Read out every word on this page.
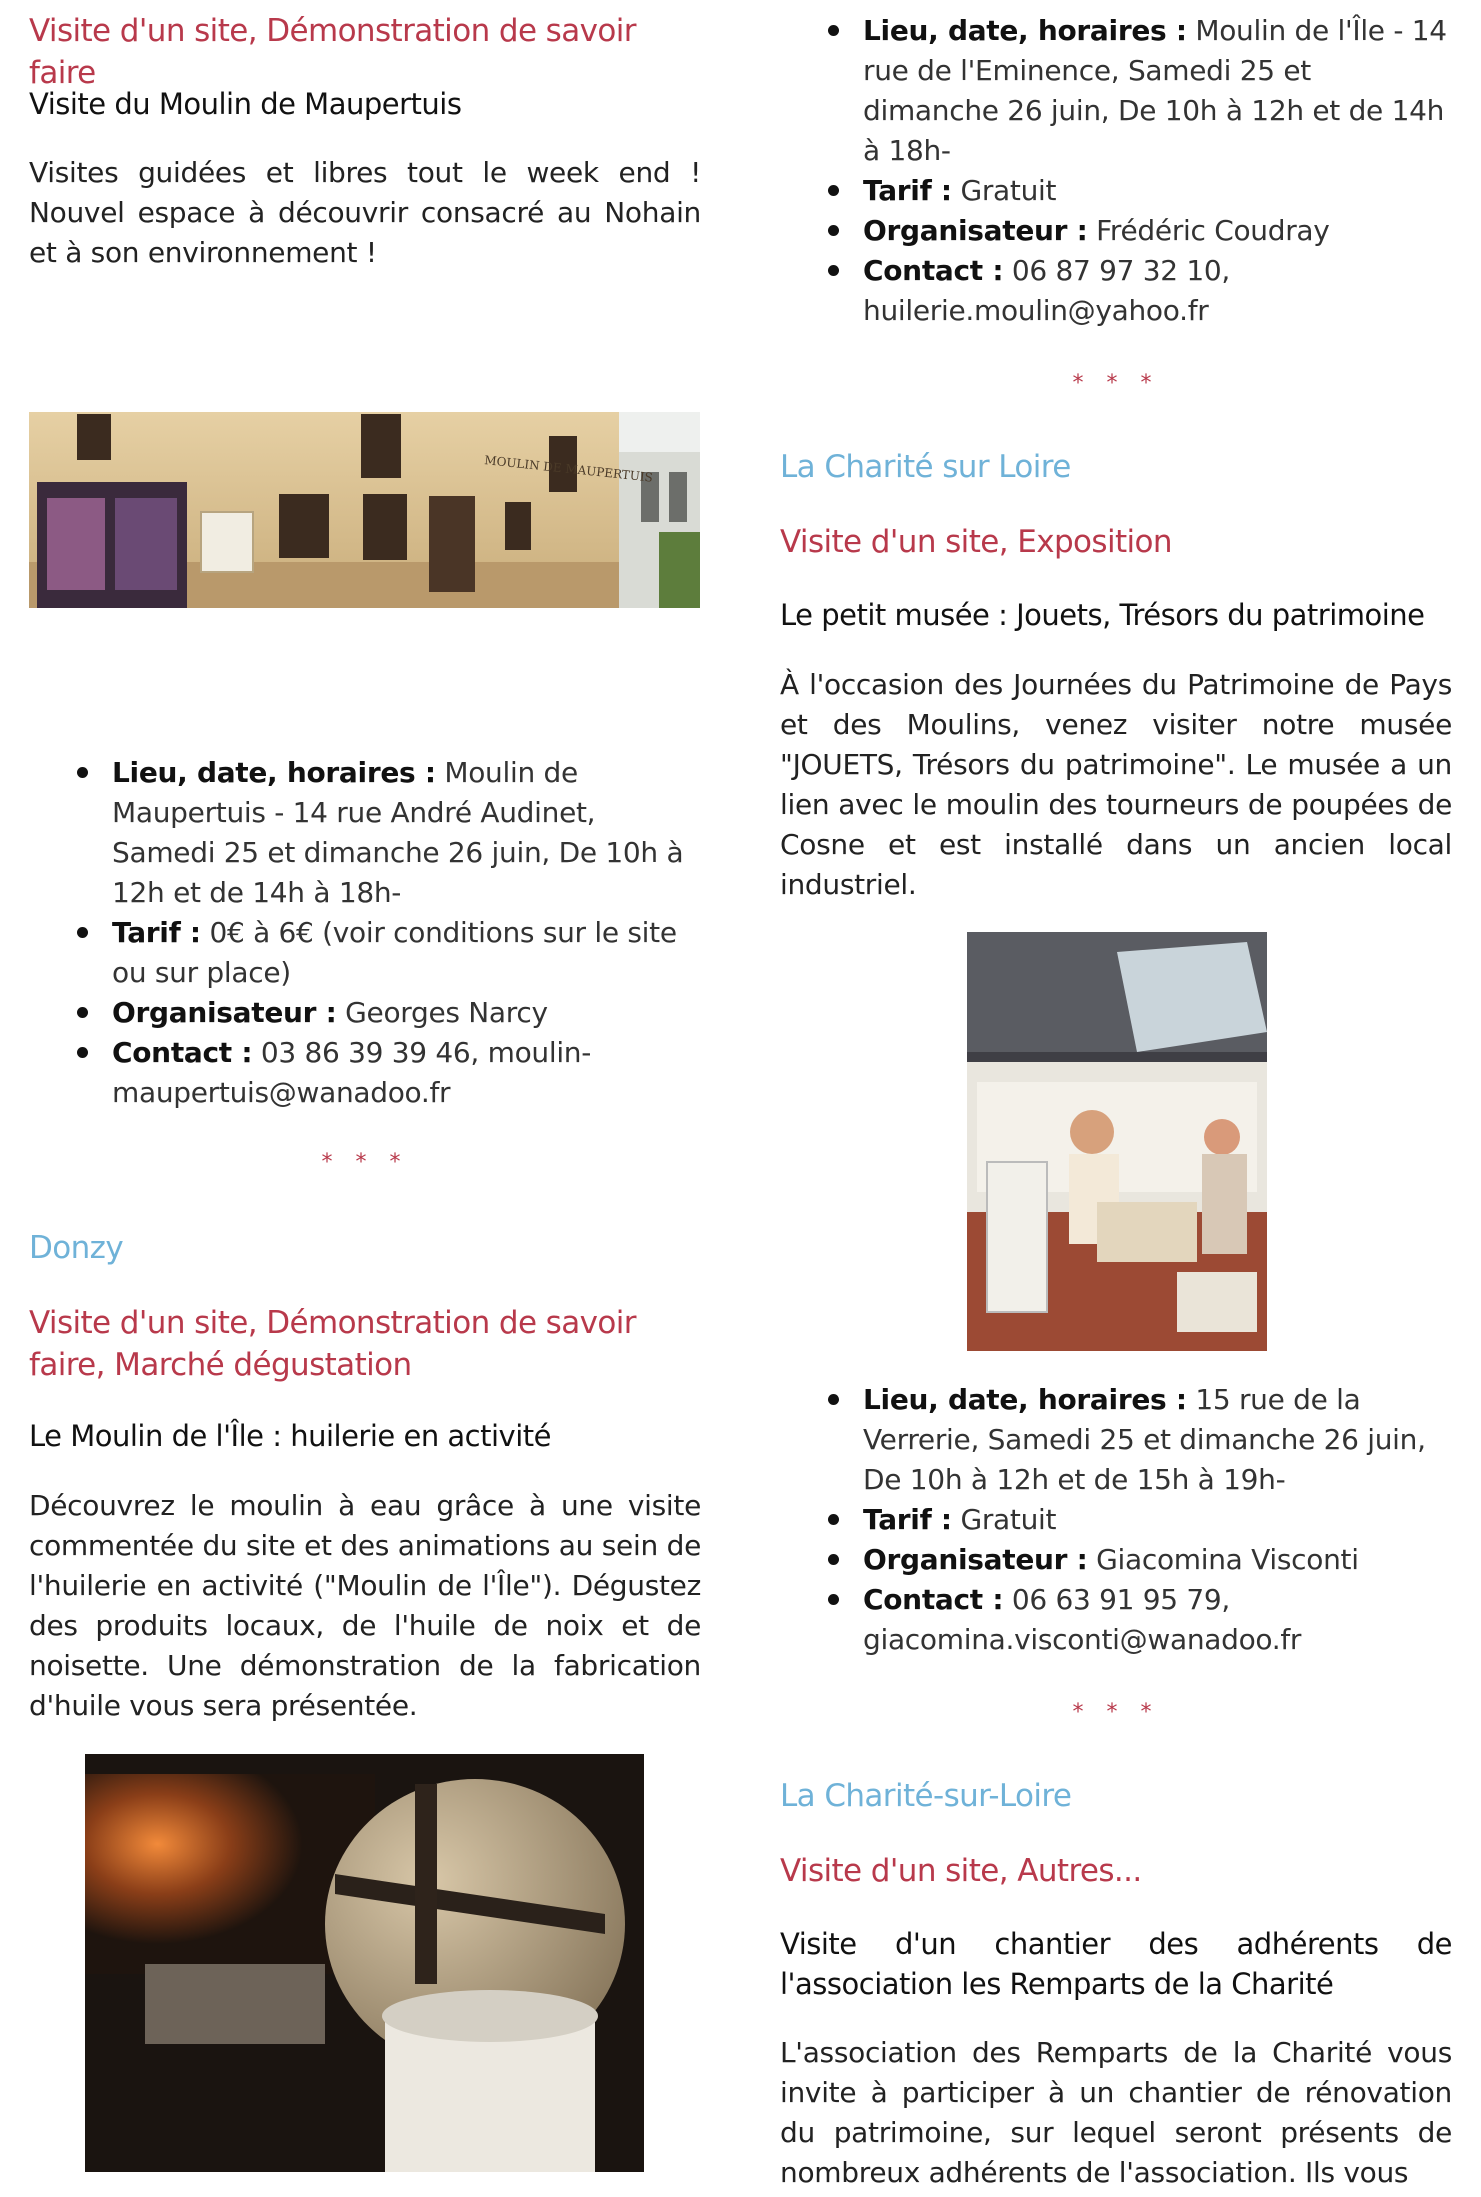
Visite d'un site, Démonstration de savoir faire
Visite du Moulin de Maupertuis
Visites guidées et libres tout le week end ! Nouvel espace à découvrir consacré au Nohain et à son environnement !
MOULIN DE MAUPERTUIS
Lieu, date, horaires : Moulin de Maupertuis - 14 rue André Audinet, Samedi 25 et dimanche 26 juin, De 10h à 12h et de 14h à 18h-
Tarif : 0€ à 6€ (voir conditions sur le site ou sur place)
Organisateur : Georges Narcy
Contact : 03 86 39 39 46, moulin-maupertuis@wanadoo.fr
* * *
Donzy
Visite d'un site, Démonstration de savoir faire, Marché dégustation
Le Moulin de l'Île : huilerie en activité
Découvrez le moulin à eau grâce à une visite commentée du site et des animations au sein de l'huilerie en activité ("Moulin de l'Île"). Dégustez des produits locaux, de l'huile de noix et de noisette. Une démonstration de la fabrication d'huile vous sera présentée.
Lieu, date, horaires : Moulin de l'Île - 14 rue de l'Eminence, Samedi 25 et dimanche 26 juin, De 10h à 12h et de 14h à 18h-
Tarif : Gratuit
Organisateur : Frédéric Coudray
Contact : 06 87 97 32 10, huilerie.moulin@yahoo.fr
* * *
La Charité sur Loire
Visite d'un site, Exposition
Le petit musée : Jouets, Trésors du patrimoine
À l'occasion des Journées du Patrimoine de Pays et des Moulins, venez visiter notre musée "JOUETS, Trésors du patrimoine". Le musée a un lien avec le moulin des tourneurs de poupées de Cosne et est installé dans un ancien local industriel.
Lieu, date, horaires : 15 rue de la Verrerie, Samedi 25 et dimanche 26 juin, De 10h à 12h et de 15h à 19h-
Tarif : Gratuit
Organisateur : Giacomina Visconti
Contact : 06 63 91 95 79, giacomina.visconti@wanadoo.fr
* * *
La Charité-sur-Loire
Visite d'un site, Autres...
Visite d'un chantier des adhérents de l'association les Remparts de la Charité
L'association des Remparts de la Charité vous invite à participer à un chantier de rénovation du patrimoine, sur lequel seront présents de nombreux adhérents de l'association. Ils vous
